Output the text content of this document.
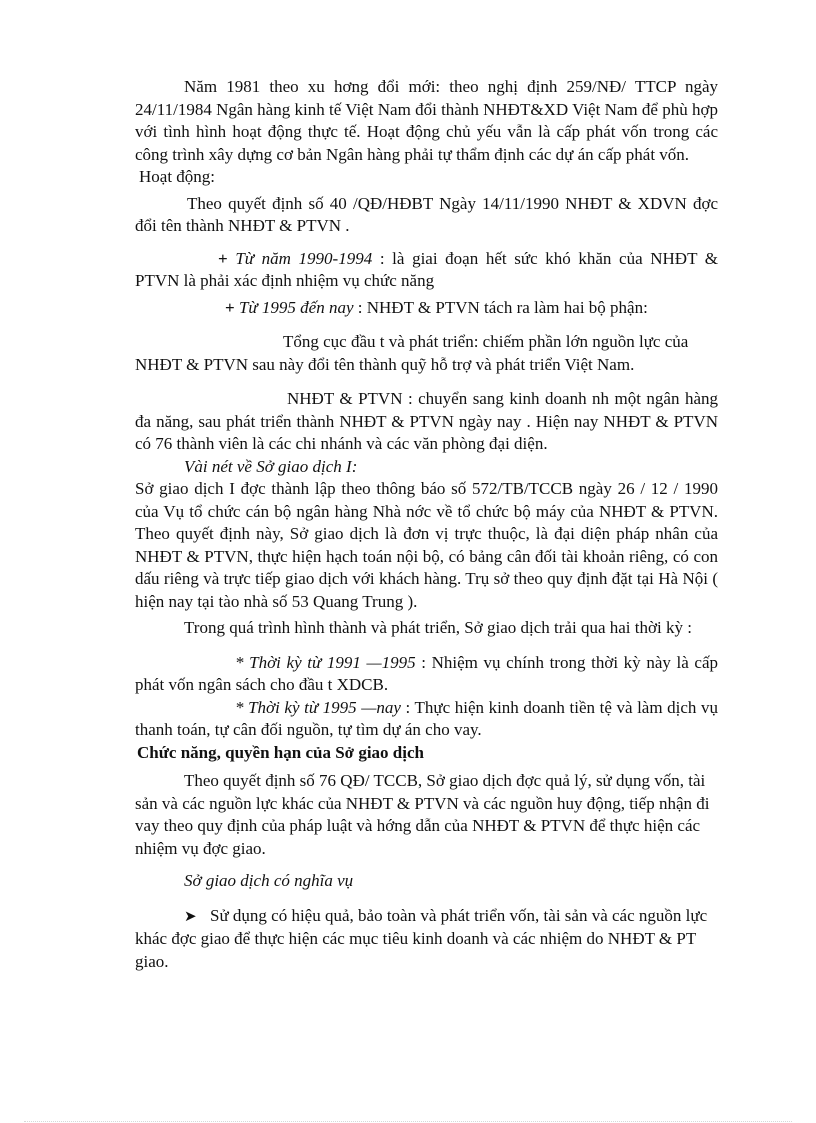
Năm 1981 theo xu hơng đổi mới: theo nghị định 259/NĐ/ TTCP ngày 24/11/1984 Ngân hàng kinh tế Việt Nam đổi thành NHĐT&XD Việt Nam để phù hợp với tình hình hoạt động thực tế. Hoạt động chủ yếu vẫn là cấp phát vốn trong các công trình xây dựng cơ bản Ngân hàng phải tự thẩm định các dự án cấp phát vốn.

Hoạt động:

Theo quyết định số 40 /QĐ/HĐBT Ngày 14/11/1990 NHĐT & XDVN đợc đổi tên thành NHĐT & PTVN .

+ Từ năm 1990-1994 : là giai đoạn hết sức khó khăn của NHĐT & PTVN là phải xác định nhiệm vụ chức năng

+ Từ 1995 đến nay : NHĐT & PTVN tách ra làm hai bộ phận:

Tổng cục đầu t và phát triển: chiếm phần lớn nguồn lực của NHĐT & PTVN sau này đổi tên thành quỹ hỗ trợ và phát triển Việt Nam.

NHĐT & PTVN : chuyển sang kinh doanh nh một ngân hàng đa năng, sau phát triển thành NHĐT & PTVN ngày nay . Hiện nay NHĐT & PTVN có 76 thành viên là các chi nhánh và các văn phòng đại diện.

Vài nét về Sở giao dịch I:

Sở giao dịch I đợc thành lập theo thông báo số 572/TB/TCCB ngày 26 / 12 / 1990 của Vụ tổ chức cán bộ ngân hàng Nhà nớc về tổ chức bộ máy của NHĐT & PTVN. Theo quyết định này, Sở giao dịch là đơn vị trực thuộc, là đại diện pháp nhân của NHĐT & PTVN, thực hiện hạch toán nội bộ, có bảng cân đối tài khoản riêng, có con dấu riêng và trực tiếp giao dịch với khách hàng. Trụ sở theo quy định đặt tại Hà Nội ( hiện nay tại tào nhà số 53 Quang Trung ).

Trong quá trình hình thành và phát triển, Sở giao dịch trải qua hai thời kỳ :

* Thời kỳ từ 1991 —1995 : Nhiệm vụ chính trong thời kỳ này là cấp phát vốn ngân sách cho đầu t XDCB.

* Thời kỳ từ 1995 —nay : Thực hiện kinh doanh tiền tệ và làm dịch vụ thanh toán, tự cân đối nguồn, tự tìm dự án cho vay.

Chức năng, quyền hạn của Sở giao dịch

Theo quyết định số 76 QĐ/ TCCB, Sở giao dịch đợc quả lý, sử dụng vốn, tài sản và các nguồn lực khác của NHĐT & PTVN và các nguồn huy động, tiếp nhận đi vay theo quy định của pháp luật và hớng dẫn của NHĐT & PTVN để thực hiện các nhiệm vụ đợc giao.

Sở giao dịch có nghĩa vụ

➤ Sử dụng có hiệu quả, bảo toàn và phát triển vốn, tài sản và các nguồn lực khác đợc giao để thực hiện các mục tiêu kinh doanh và các nhiệm do NHĐT & PT giao.
